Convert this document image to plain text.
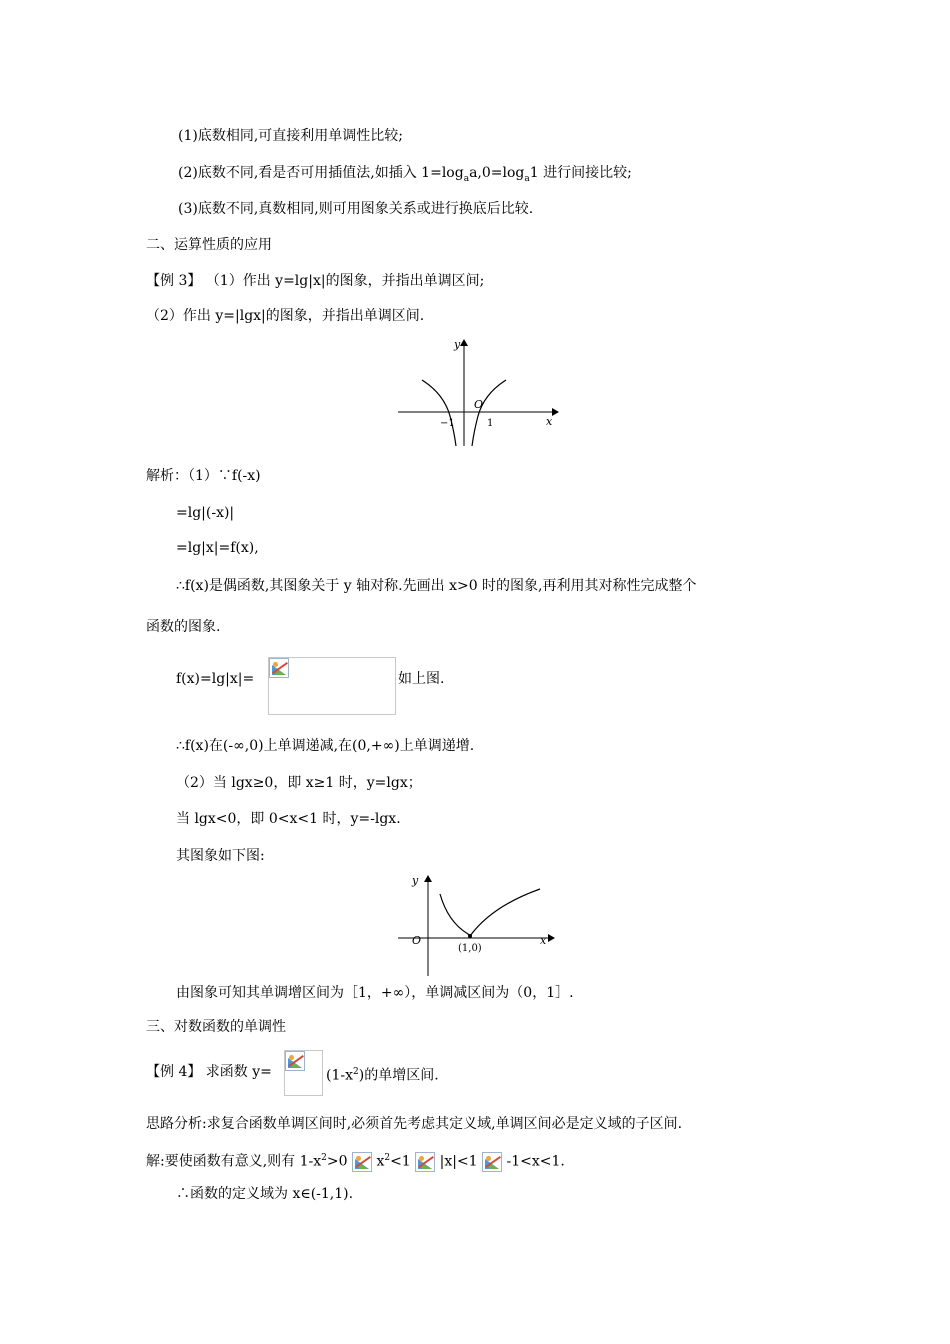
(1)底数相同,可直接利用单调性比较;
(2)底数不同,看是否可用插值法,如插入 $1=\log_aa,0=\log_a1$ 进行间接比较;
(3)底数不同,真数相同,则可用图象关系或进行换底后比较.
二、运算性质的应用
【例 3】 （1）作出 y=lg|x|的图象，并指出单调区间;
（2）作出 y=|lgx|的图象，并指出单调区间.
y
x
O
−1	1
解析：（1）∵f(-x)
=lg|(-x)|
=lg|x|=f(x),
∴f(x)是偶函数,其图象关于 y 轴对称.先画出 x>0 时的图象,再利用其对称性完成整个
函数的图象.
f(x)=lg|x|=	如上图.
∴f(x)在(-∞,0)上单调递减,在(0,+∞)上单调递增.
（2）当 lgx≥0，即 x≥1 时，y=lgx；
当 lgx<0，即 0<x<1 时，y=-lgx.
其图象如下图:
y
x
O
(1,0)
由图象可知其单调增区间为［1，+∞），单调减区间为（0，1］.
三、对数函数的单调性
【例 4】 求函数 y=	$(1-x^2)$的单增区间.
思路分析:求复合函数单调区间时,必须首先考虑其定义域,单调区间必是定义域的子区间.
解:要使函数有意义,则有 $1-x^2>0$ $x^2<1$ |x|<1 -1<x<1.
∴函数的定义域为 x∈(-1,1).
